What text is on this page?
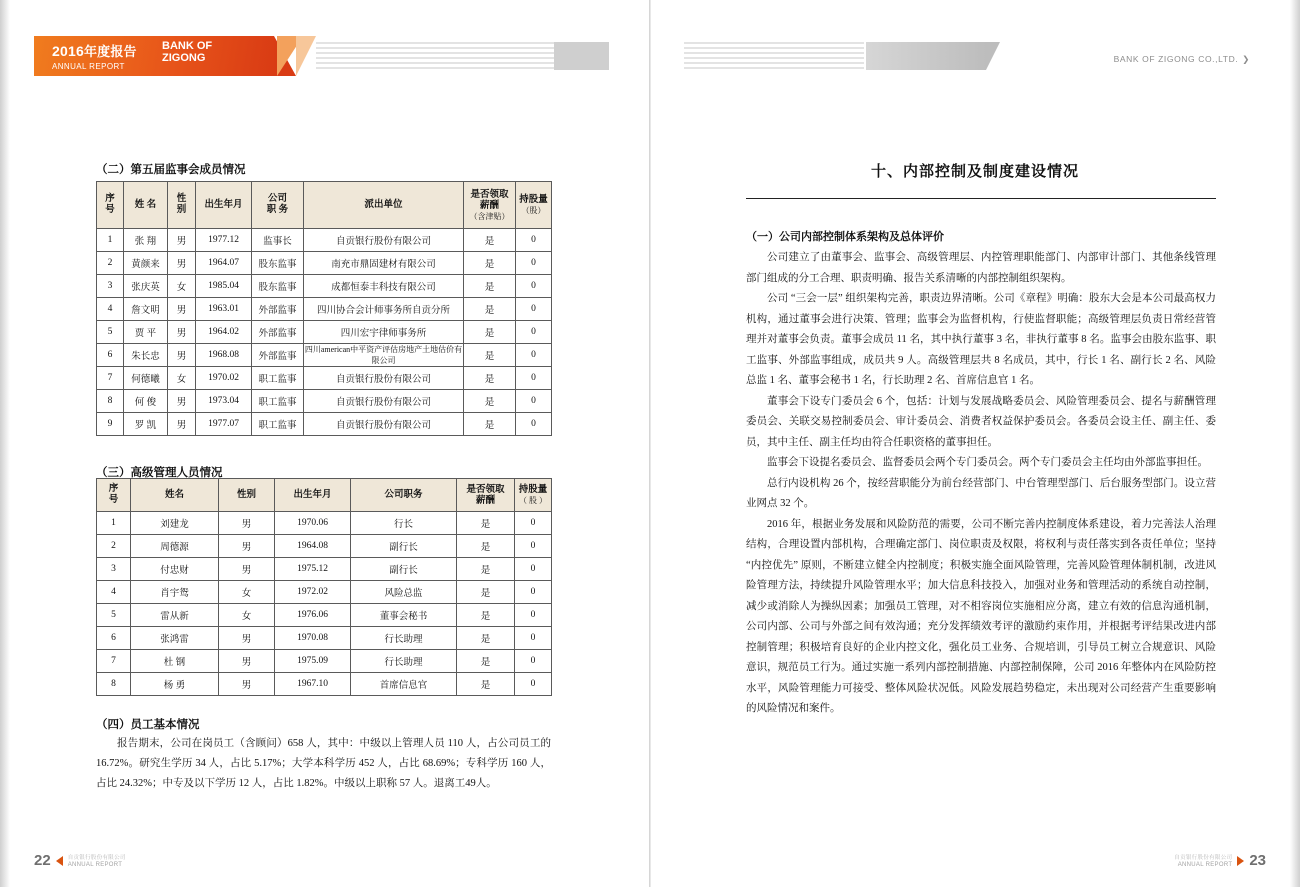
2016年度报告
ANNUAL REPORT
BANK OF
ZIGONG
（二）第五届监事会成员情况
序
号	姓 名	性
别	出生年月	公司
职 务	派出单位	是否领取
薪酬
（含津贴）	持股量
（股）

1	张 翔	男	1977.12	监事长	自贡银行股份有限公司	是	0
2	黄颜来	男	1964.07	股东监事	南充市鼎固建材有限公司	是	0
3	张庆英	女	1985.04	股东监事	成都恒泰丰科技有限公司	是	0
4	詹文明	男	1963.01	外部监事	四川协合会计师事务所自贡分所	是	0
5	贾 平	男	1964.02	外部监事	四川宏宇律师事务所	是	0
6	朱长忠	男	1968.08	外部监事	四川american中平资产评估房地产土地估价有限公司	是	0
7	何德曦	女	1970.02	职工监事	自贡银行股份有限公司	是	0
8	何 俊	男	1973.04	职工监事	自贡银行股份有限公司	是	0
9	罗 凯	男	1977.07	职工监事	自贡银行股份有限公司	是	0
（三）高级管理人员情况
序
号	姓名	性别	出生年月	公司职务	是否领取
薪酬	持股量
（ 股 ）

1	刘建龙	男	1970.06	行长	是	0
2	周德源	男	1964.08	副行长	是	0
3	付忠财	男	1975.12	副行长	是	0
4	肖宇鸳	女	1972.02	风险总监	是	0
5	雷从新	女	1976.06	董事会秘书	是	0
6	张鸿雷	男	1970.08	行长助理	是	0
7	杜 钢	男	1975.09	行长助理	是	0
8	杨 勇	男	1967.10	首席信息官	是	0
（四）员工基本情况

报告期末，公司在岗员工（含顾问）658 人，其中：中级以上管理人员 110 人，占公司员工的 16.72%。研究生学历 34 人，占比 5.17%；大学本科学历 452 人，占比 68.69%；专科学历 160 人，占比 24.32%；中专及以下学历 12 人，占比 1.82%。中级以上职称 57 人。退离工49人。

22	自贡银行股份有限公司
ANNUAL REPORT
BANK OF ZIGONG CO.,LTD. ❯
十、内部控制及制度建设情况
（一）公司内部控制体系架构及总体评价

公司建立了由董事会、监事会、高级管理层、内控管理职能部门、内部审计部门、其他条线管理部门组成的分工合理、职责明确、报告关系清晰的内部控制组织架构。

公司 “三会一层” 组织架构完善，职责边界清晰。公司《章程》明确：股东大会是本公司最高权力机构，通过董事会进行决策、管理；监事会为监督机构，行使监督职能；高级管理层负责日常经营管理并对董事会负责。董事会成员 11 名，其中执行董事 3 名，非执行董事 8 名。监事会由股东监事、职工监事、外部监事组成，成员共 9 人。高级管理层共 8 名成员，其中，行长 1 名、副行长 2 名、风险总监 1 名、董事会秘书 1 名，行长助理 2 名、首席信息官 1 名。

董事会下设专门委员会 6 个，包括：计划与发展战略委员会、风险管理委员会、提名与薪酬管理委员会、关联交易控制委员会、审计委员会、消费者权益保护委员会。各委员会设主任、副主任、委员，其中主任、副主任均由符合任职资格的董事担任。

监事会下设提名委员会、监督委员会两个专门委员会。两个专门委员会主任均由外部监事担任。

总行内设机构 26 个，按经营职能分为前台经营部门、中台管理型部门、后台服务型部门。设立营业网点 32 个。

2016 年，根据业务发展和风险防范的需要，公司不断完善内控制度体系建设，着力完善法人治理结构，合理设置内部机构，合理确定部门、岗位职责及权限，将权利与责任落实到各责任单位；坚持 “内控优先” 原则，不断建立健全内控制度；积极实施全面风险管理，完善风险管理体制机制，改进风险管理方法，持续提升风险管理水平；加大信息科技投入，加强对业务和管理活动的系统自动控制，减少或消除人为操纵因素；加强员工管理，对不相容岗位实施相应分离，建立有效的信息沟通机制，公司内部、公司与外部之间有效沟通；充分发挥绩效考评的激励约束作用，并根据考评结果改进内部控制管理；积极培育良好的企业内控文化，强化员工业务、合规培训，引导员工树立合规意识、风险意识，规范员工行为。通过实施一系列内部控制措施、内部控制保障，公司 2016 年整体内在风险防控水平，风险管理能力可接受、整体风险状况低。风险发展趋势稳定，未出现对公司经营产生重要影响的风险情况和案件。

自贡银行股份有限公司
ANNUAL REPORT 23
